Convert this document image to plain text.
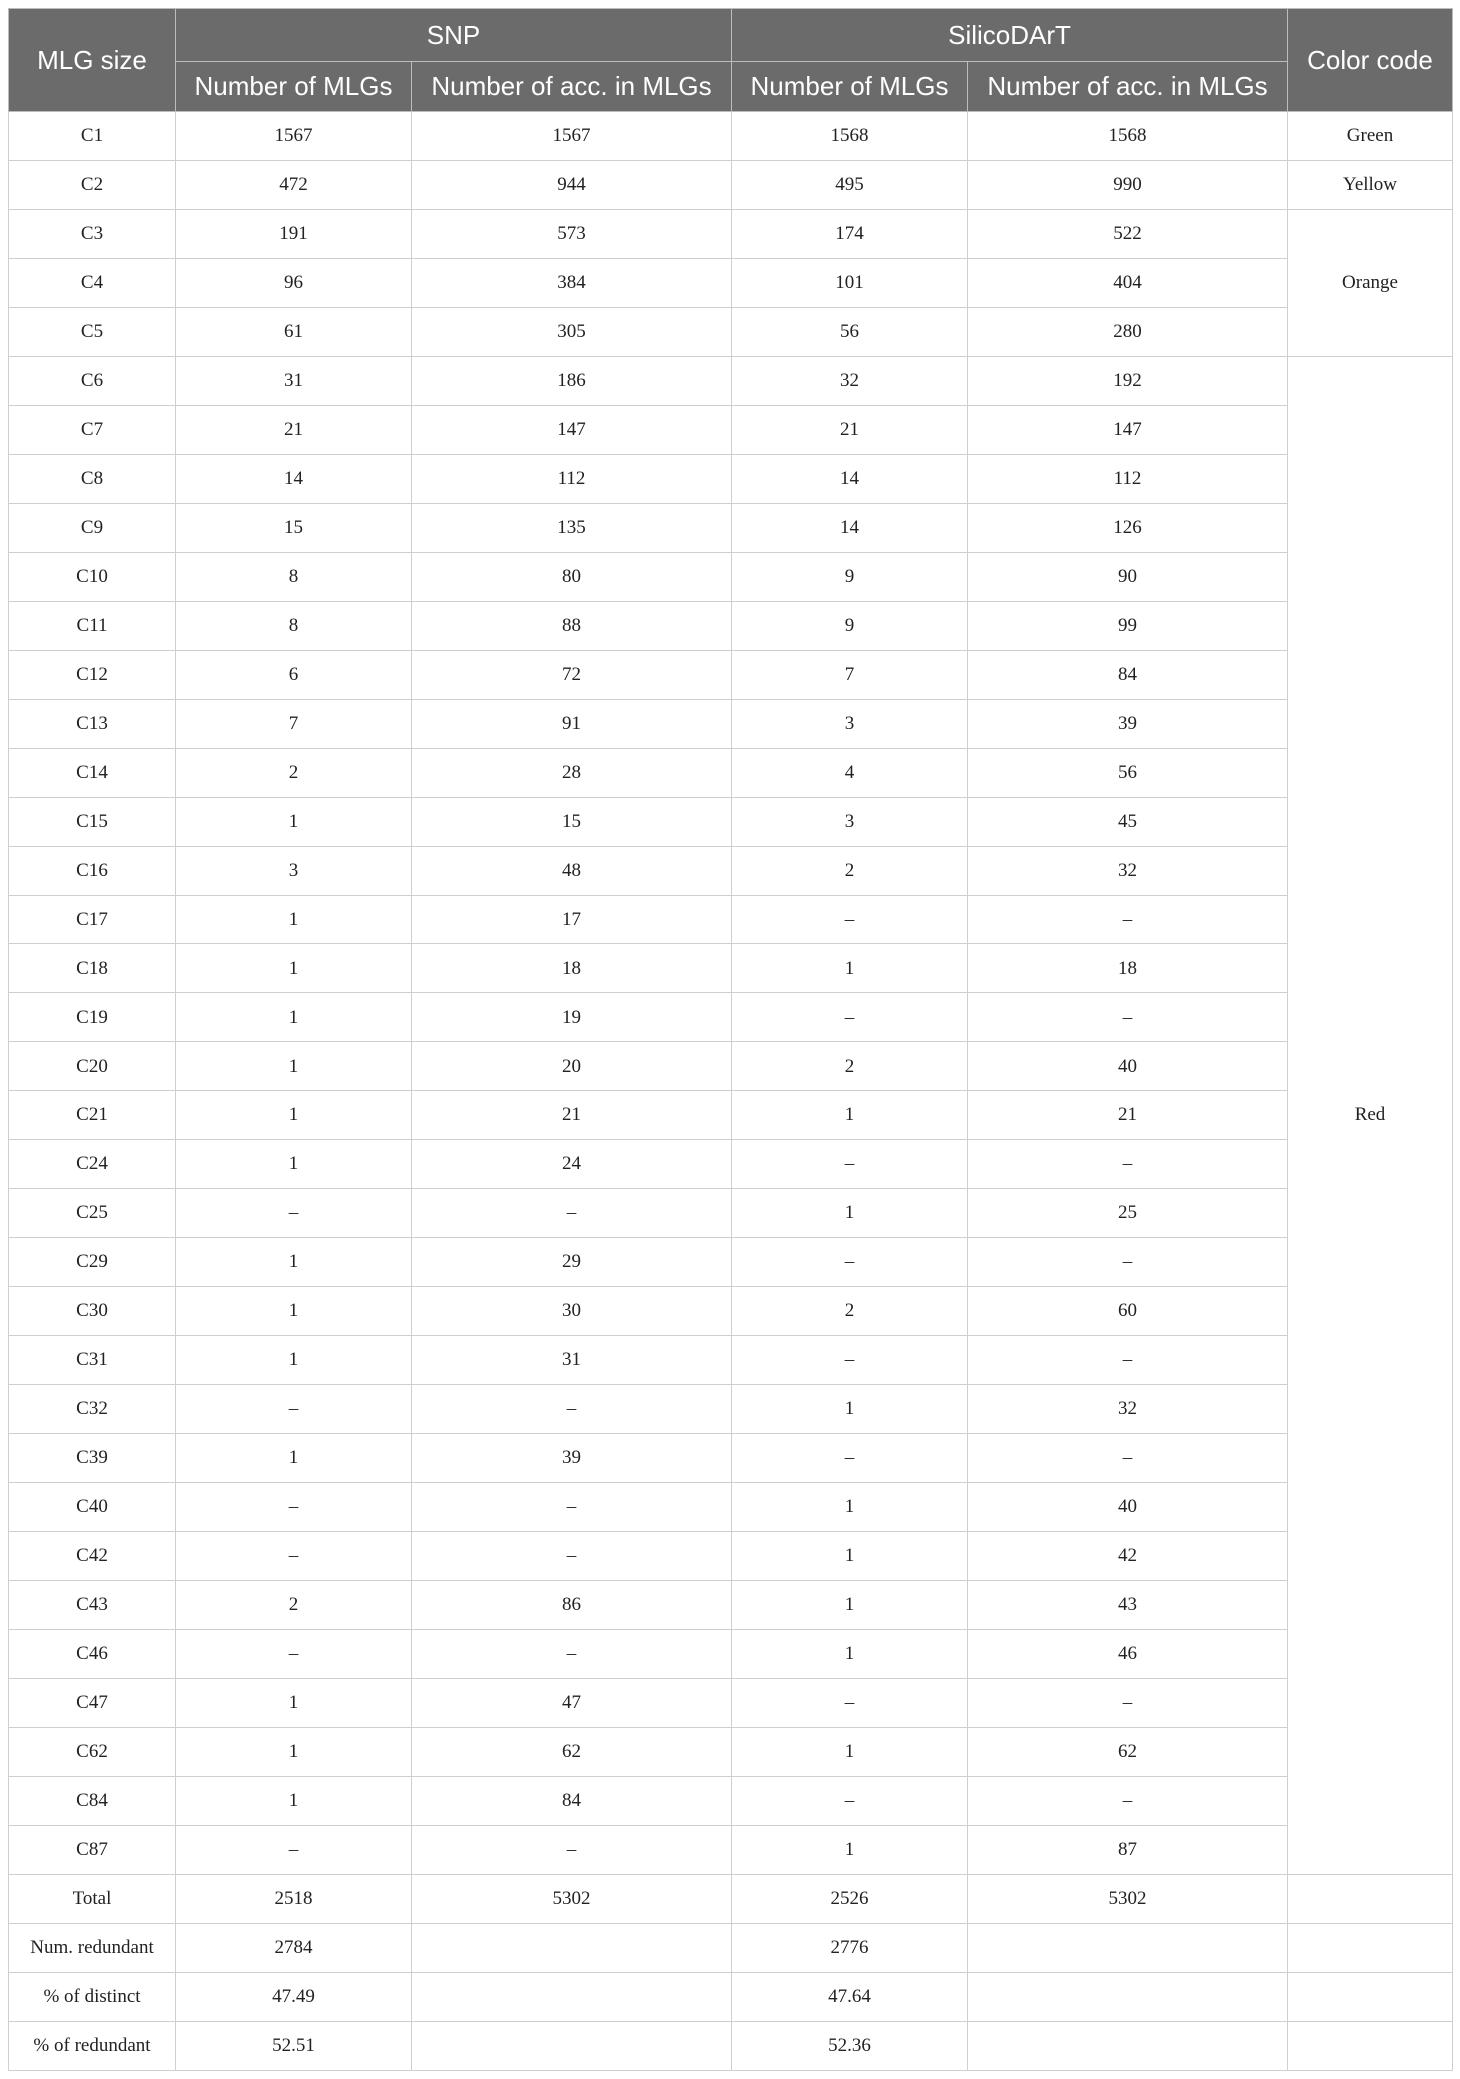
MLG size	SNP		SilicoDArT		Color code
	Number of MLGs	Number of acc. in MLGs	Number of MLGs	Number of acc. in MLGs	
C1	1567	1567	1568	1568	Green
C2	472	944	495	990	Yellow
C3	191	573	174	522	Orange
C4	96	384	101	404	
C5	61	305	56	280	
C6	31	186	32	192	Red
C7	21	147	21	147	
C8	14	112	14	112	
C9	15	135	14	126	
C10	8	80	9	90	
C11	8	88	9	99	
C12	6	72	7	84	
C13	7	91	3	39	
C14	2	28	4	56	
C15	1	15	3	45	
C16	3	48	2	32	
C17	1	17	–	–	
C18	1	18	1	18	
C19	1	19	–	–	
C20	1	20	2	40	
C21	1	21	1	21	
C24	1	24	–	–	
C25	–	–	1	25	
C29	1	29	–	–	
C30	1	30	2	60	
C31	1	31	–	–	
C32	–	–	1	32	
C39	1	39	–	–	
C40	–	–	1	40	
C42	–	–	1	42	
C43	2	86	1	43	
C46	–	–	1	46	
C47	1	47	–	–	
C62	1	62	1	62	
C84	1	84	–	–	
C87	–	–	1	87	
Total	2518	5302	2526	5302	
Num. redundant	2784		2776		
% of distinct	47.49		47.64		
% of redundant	52.51		52.36		
